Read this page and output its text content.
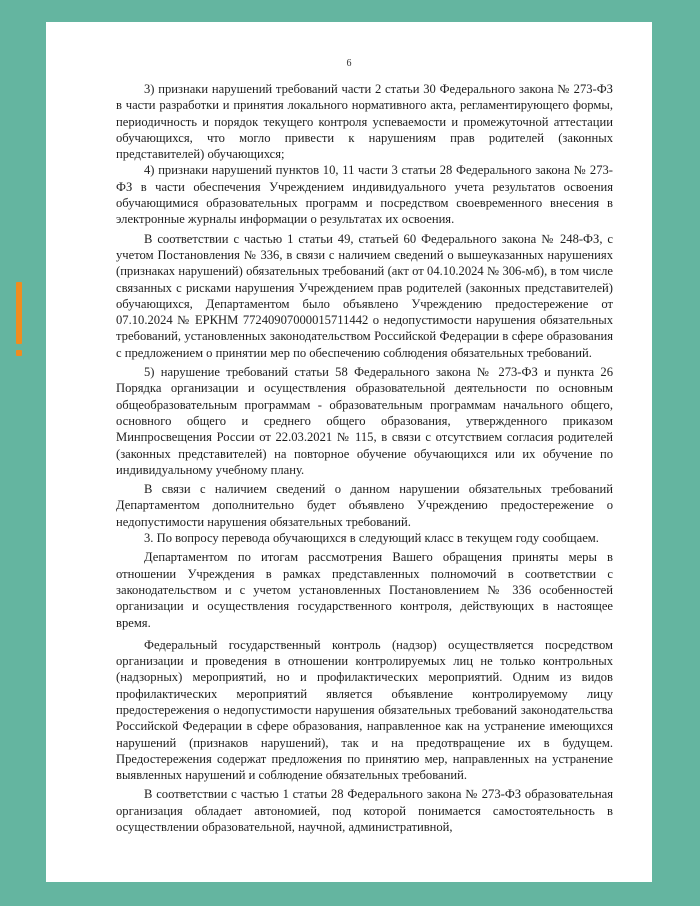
6

3) признаки нарушений требований части 2 статьи 30 Федерального закона № 273-ФЗ в части разработки и принятия локального нормативного акта, регламентирующего формы, периодичность и порядок текущего контроля успеваемости и промежуточной аттестации обучающихся, что могло привести к нарушениям прав родителей (законных представителей) обучающихся;

4) признаки нарушений пунктов 10, 11 части 3 статьи 28 Федерального закона № 273-ФЗ в части обеспечения Учреждением индивидуального учета результатов освоения обучающимися образовательных программ и посредством своевременного внесения в электронные журналы информации о результатах их освоения.

В соответствии с частью 1 статьи 49, статьей 60 Федерального закона № 248-ФЗ, с учетом Постановления № 336, в связи с наличием сведений о вышеуказанных нарушениях (признаках нарушений) обязательных требований (акт от 04.10.2024 № 306-мб), в том числе связанных с рисками нарушения Учреждением прав родителей (законных представителей) обучающихся, Департаментом было объявлено Учреждению предостережение от 07.10.2024 № ЕРКНМ 77240907000015711442 о недопустимости нарушения обязательных требований, установленных законодательством Российской Федерации в сфере образования с предложением о принятии мер по обеспечению соблюдения обязательных требований.

5) нарушение требований статьи 58 Федерального закона № 273-ФЗ и пункта 26 Порядка организации и осуществления образовательной деятельности по основным общеобразовательным программам - образовательным программам начального общего, основного общего и среднего общего образования, утвержденного приказом Минпросвещения России от 22.03.2021 № 115, в связи с отсутствием согласия родителей (законных представителей) на повторное обучение обучающихся или их обучение по индивидуальному учебному плану.

В связи с наличием сведений о данном нарушении обязательных требований Департаментом дополнительно будет объявлено Учреждению предостережение о недопустимости нарушения обязательных требований.

3. По вопросу перевода обучающихся в следующий класс в текущем году сообщаем.

Департаментом по итогам рассмотрения Вашего обращения приняты меры в отношении Учреждения в рамках представленных полномочий в соответствии с законодательством и с учетом установленных Постановлением № 336 особенностей организации и осуществления государственного контроля, действующих в настоящее время.

Федеральный государственный контроль (надзор) осуществляется посредством организации и проведения в отношении контролируемых лиц не только контрольных (надзорных) мероприятий, но и профилактических мероприятий. Одним из видов профилактических мероприятий является объявление контролируемому лицу предостережения о недопустимости нарушения обязательных требований законодательства Российской Федерации в сфере образования, направленное как на устранение имеющихся нарушений (признаков нарушений), так и на предотвращение их в будущем. Предостережения содержат предложения по принятию мер, направленных на устранение выявленных нарушений и соблюдение обязательных требований.

В соответствии с частью 1 статьи 28 Федерального закона № 273-ФЗ образовательная организация обладает автономией, под которой понимается самостоятельность в осуществлении образовательной, научной, административной,
